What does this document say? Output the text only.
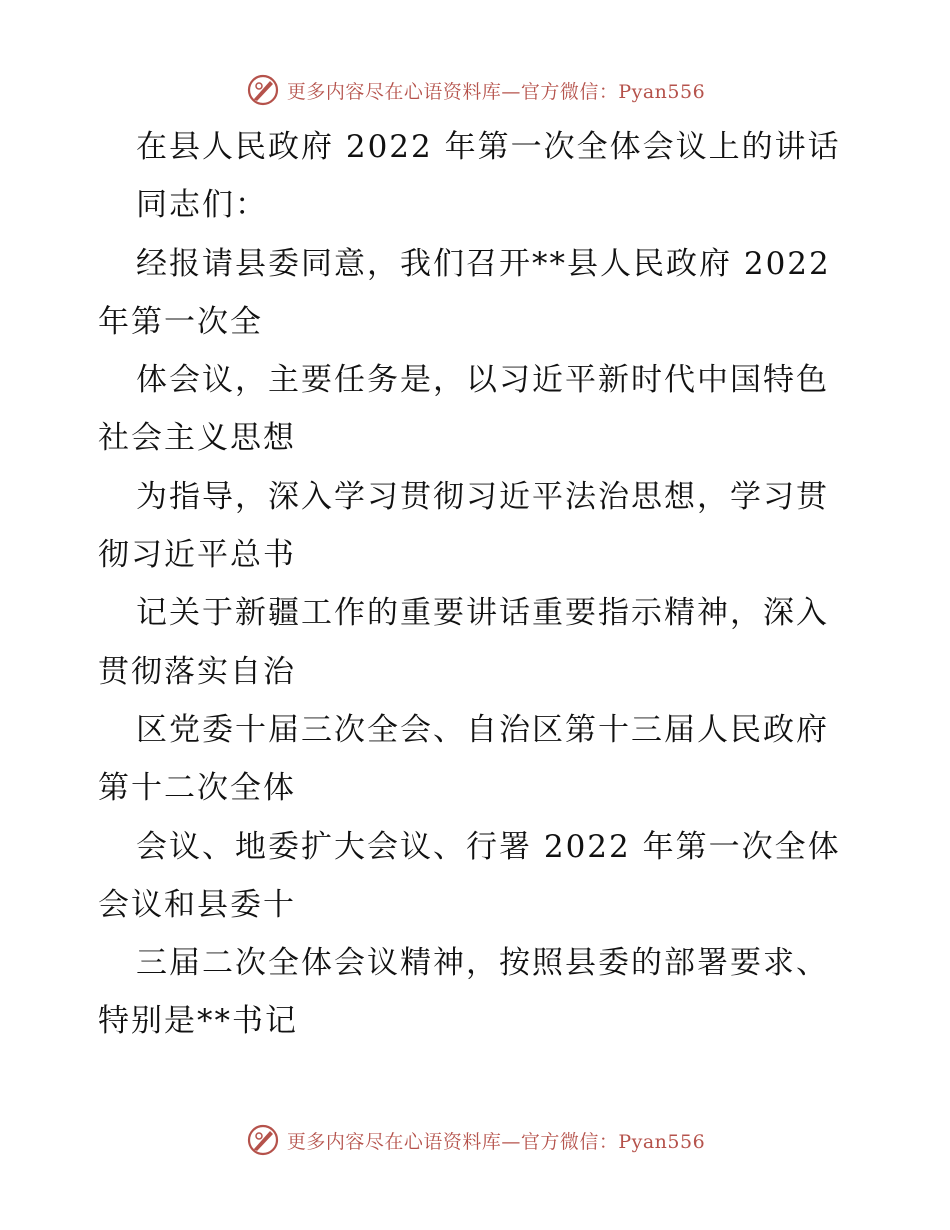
更多内容尽在心语资料库—官方微信：Pyan556
在县人民政府 2022 年第一次全体会议上的讲话
同志们：
经报请县委同意，我们召开**县人民政府 2022
年第一次全
体会议，主要任务是，以习近平新时代中国特色
社会主义思想
为指导，深入学习贯彻习近平法治思想，学习贯
彻习近平总书
记关于新疆工作的重要讲话重要指示精神，深入
贯彻落实自治
区党委十届三次全会、自治区第十三届人民政府
第十二次全体
会议、地委扩大会议、行署 2022 年第一次全体
会议和县委十
三届二次全体会议精神，按照县委的部署要求、
特别是**书记
更多内容尽在心语资料库—官方微信：Pyan556
